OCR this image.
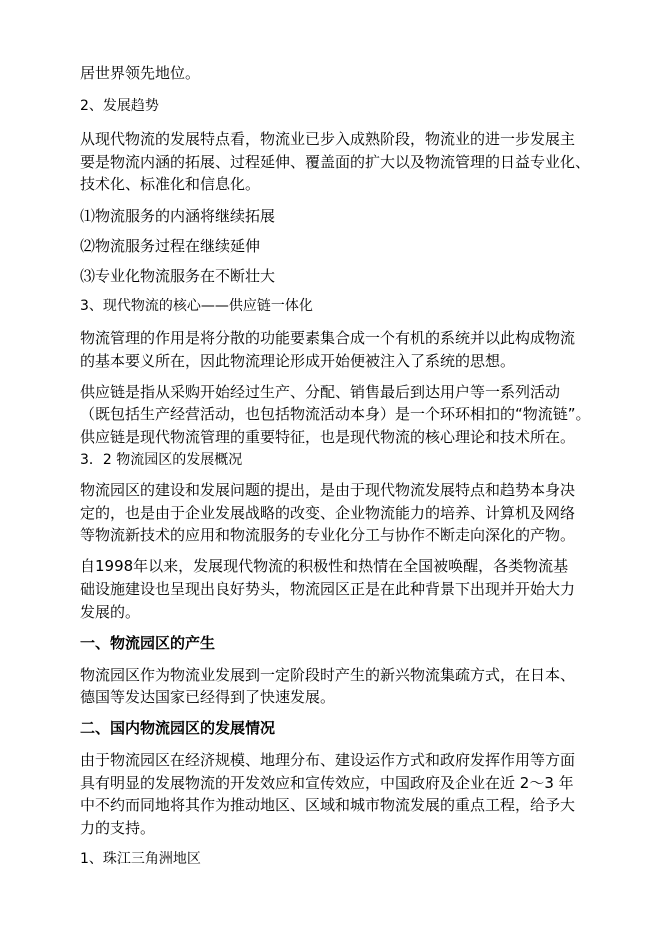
居世界领先地位。
2、发展趋势
从现代物流的发展特点看，物流业已步入成熟阶段，物流业的进一步发展主
要是物流内涵的拓展、过程延伸、覆盖面的扩大以及物流管理的日益专业化、
技术化、标准化和信息化。
⑴物流服务的内涵将继续拓展
⑵物流服务过程在继续延伸
⑶专业化物流服务在不断壮大
3、现代物流的核心——供应链一体化
物流管理的作用是将分散的功能要素集合成一个有机的系统并以此构成物流
的基本要义所在，因此物流理论形成开始便被注入了系统的思想。
供应链是指从采购开始经过生产、分配、销售最后到达用户等一系列活动
（既包括生产经营活动，也包括物流活动本身）是一个环环相扣的“物流链”。
供应链是现代物流管理的重要特征，也是现代物流的核心理论和技术所在。
3．2 物流园区的发展概况
物流园区的建设和发展问题的提出，是由于现代物流发展特点和趋势本身决
定的，也是由于企业发展战略的改变、企业物流能力的培养、计算机及网络
等物流新技术的应用和物流服务的专业化分工与协作不断走向深化的产物。
自1998年以来，发展现代物流的积极性和热情在全国被唤醒，各类物流基
础设施建设也呈现出良好势头，物流园区正是在此种背景下出现并开始大力
发展的。
一、物流园区的产生
物流园区作为物流业发展到一定阶段时产生的新兴物流集疏方式，在日本、
德国等发达国家已经得到了快速发展。
二、国内物流园区的发展情况
由于物流园区在经济规模、地理分布、建设运作方式和政府发挥作用等方面
具有明显的发展物流的开发效应和宣传效应，中国政府及企业在近 2～3 年
中不约而同地将其作为推动地区、区域和城市物流发展的重点工程，给予大
力的支持。
1、珠江三角洲地区
